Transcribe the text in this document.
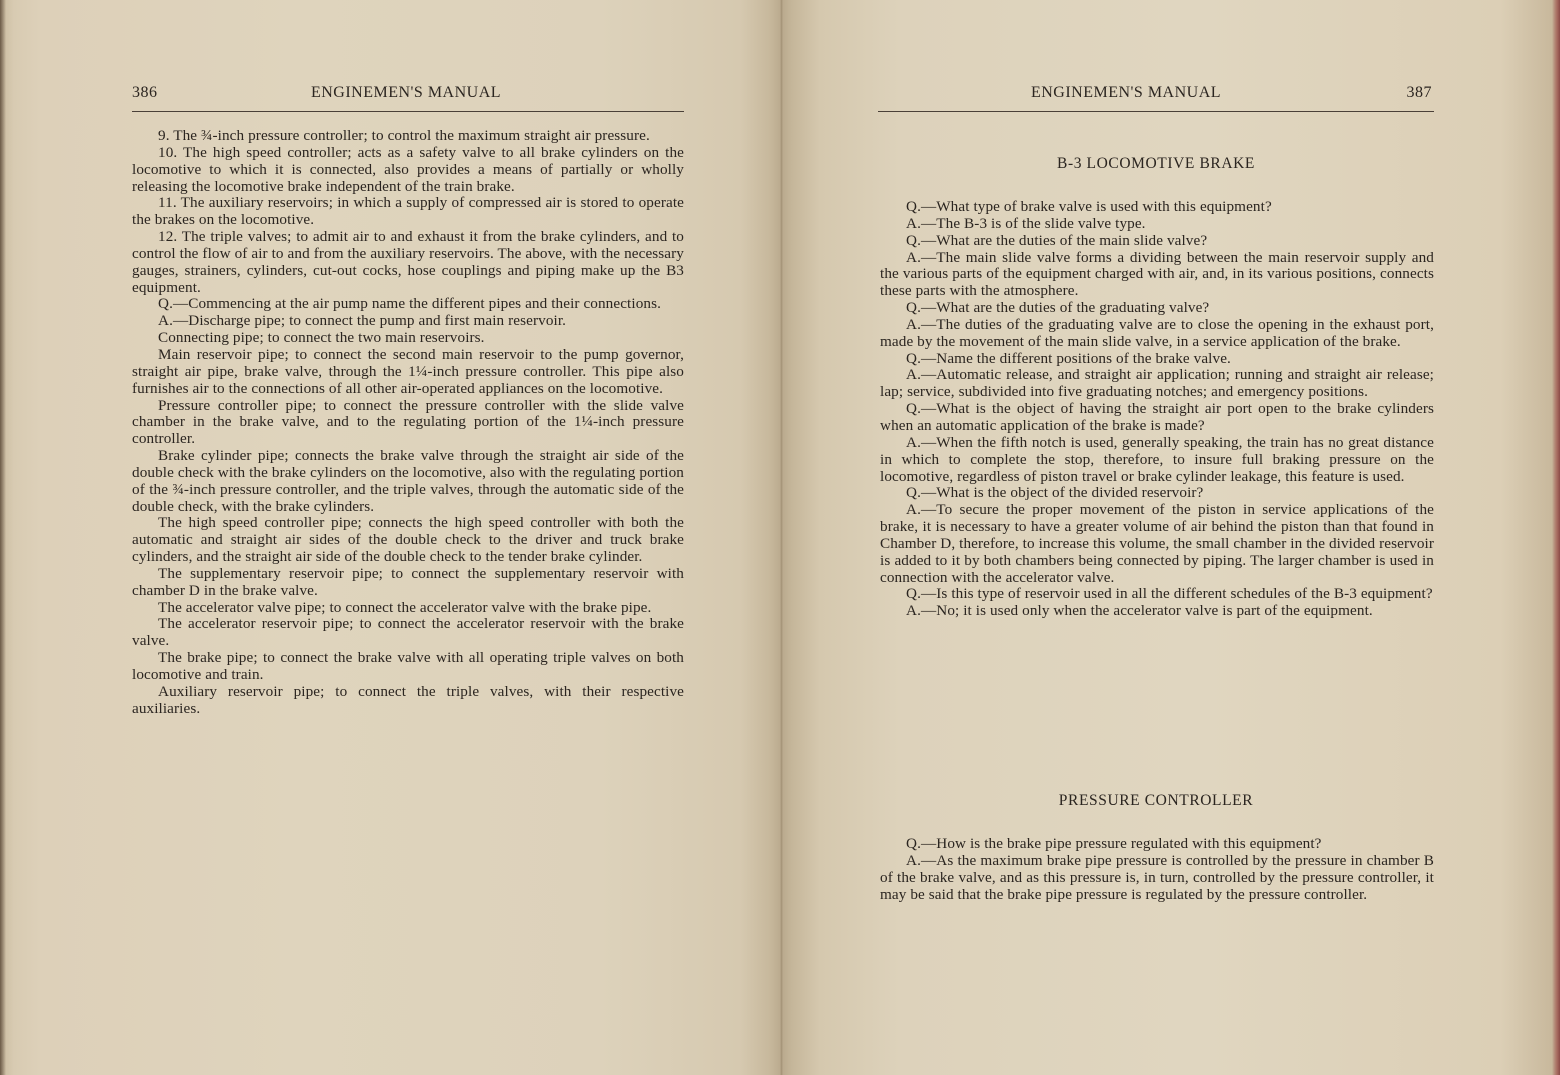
386	ENGINEMEN'S MANUAL

9. The ¾-inch pressure controller; to control the maximum straight air pressure.

10. The high speed controller; acts as a safety valve to all brake cylinders on the locomotive to which it is connected, also provides a means of partially or wholly releasing the locomotive brake independent of the train brake.

11. The auxiliary reservoirs; in which a supply of compressed air is stored to operate the brakes on the locomotive.

12. The triple valves; to admit air to and exhaust it from the brake cylinders, and to control the flow of air to and from the auxiliary reservoirs. The above, with the necessary gauges, strainers, cylinders, cut-out cocks, hose couplings and piping make up the B3 equipment.

Q.—Commencing at the air pump name the different pipes and their connections.

A.—Discharge pipe; to connect the pump and first main reservoir.

Connecting pipe; to connect the two main reservoirs.

Main reservoir pipe; to connect the second main reservoir to the pump governor, straight air pipe, brake valve, through the 1¼-inch pressure controller. This pipe also furnishes air to the connections of all other air-operated appliances on the locomotive.

Pressure controller pipe; to connect the pressure controller with the slide valve chamber in the brake valve, and to the regulating portion of the 1¼-inch pressure controller.

Brake cylinder pipe; connects the brake valve through the straight air side of the double check with the brake cylinders on the locomotive, also with the regulating portion of the ¾-inch pressure controller, and the triple valves, through the automatic side of the double check, with the brake cylinders.

The high speed controller pipe; connects the high speed controller with both the automatic and straight air sides of the double check to the driver and truck brake cylinders, and the straight air side of the double check to the tender brake cylinder.

The supplementary reservoir pipe; to connect the supplementary reservoir with chamber D in the brake valve.

The accelerator valve pipe; to connect the accelerator valve with the brake pipe.

The accelerator reservoir pipe; to connect the accelerator reservoir with the brake valve.

The brake pipe; to connect the brake valve with all operating triple valves on both locomotive and train.

Auxiliary reservoir pipe; to connect the triple valves, with their respective auxiliaries.

ENGINEMEN'S MANUAL	387
B-3 LOCOMOTIVE BRAKE

Q.—What type of brake valve is used with this equipment?

A.—The B-3 is of the slide valve type.

Q.—What are the duties of the main slide valve?

A.—The main slide valve forms a dividing between the main reservoir supply and the various parts of the equipment charged with air, and, in its various positions, connects these parts with the atmosphere.

Q.—What are the duties of the graduating valve?

A.—The duties of the graduating valve are to close the opening in the exhaust port, made by the movement of the main slide valve, in a service application of the brake.

Q.—Name the different positions of the brake valve.

A.—Automatic release, and straight air application; running and straight air release; lap; service, subdivided into five graduating notches; and emergency positions.

Q.—What is the object of having the straight air port open to the brake cylinders when an automatic application of the brake is made?

A.—When the fifth notch is used, generally speaking, the train has no great distance in which to complete the stop, therefore, to insure full braking pressure on the locomotive, regardless of piston travel or brake cylinder leakage, this feature is used.

Q.—What is the object of the divided reservoir?

A.—To secure the proper movement of the piston in service applications of the brake, it is necessary to have a greater volume of air behind the piston than that found in Chamber D, therefore, to increase this volume, the small chamber in the divided reservoir is added to it by both chambers being connected by piping. The larger chamber is used in connection with the accelerator valve.

Q.—Is this type of reservoir used in all the different schedules of the B-3 equipment?

A.—No; it is used only when the accelerator valve is part of the equipment.

PRESSURE CONTROLLER

Q.—How is the brake pipe pressure regulated with this equipment?

A.—As the maximum brake pipe pressure is controlled by the pressure in chamber B of the brake valve, and as this pressure is, in turn, controlled by the pressure controller, it may be said that the brake pipe pressure is regulated by the pressure controller.
